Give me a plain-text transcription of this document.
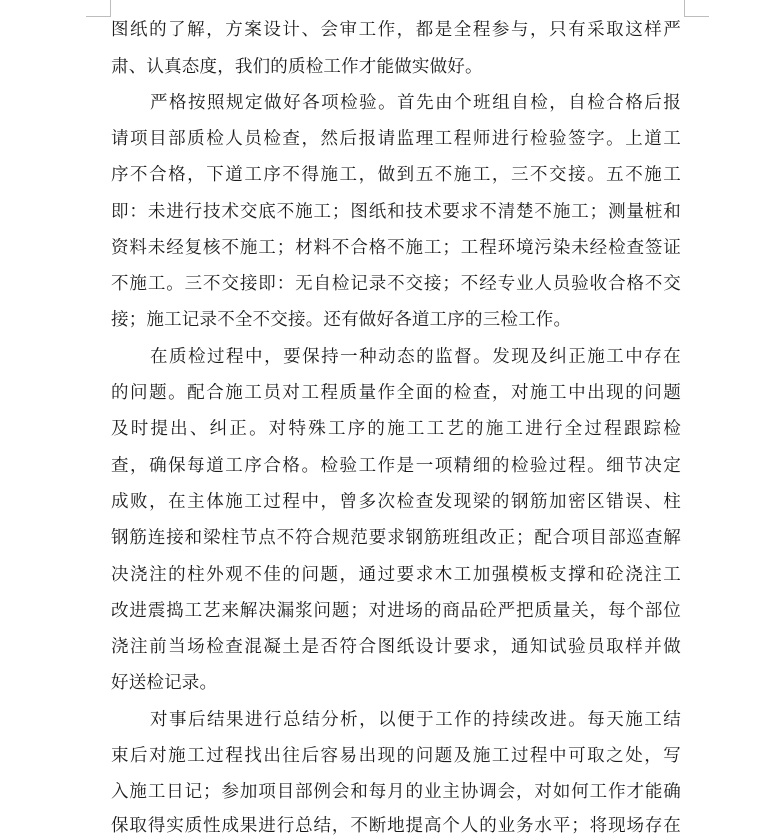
图纸的了解，方案设计、会审工作，都是全程参与，只有采取这样严
肃、认真态度，我们的质检工作才能做实做好。
严格按照规定做好各项检验。首先由个班组自检，自检合格后报
请项目部质检人员检查，然后报请监理工程师进行检验签字。上道工
序不合格，下道工序不得施工，做到五不施工，三不交接。五不施工
即：未进行技术交底不施工；图纸和技术要求不清楚不施工；测量桩和
资料未经复核不施工；材料不合格不施工；工程环境污染未经检查签证
不施工。三不交接即：无自检记录不交接；不经专业人员验收合格不交
接；施工记录不全不交接。还有做好各道工序的三检工作。
在质检过程中，要保持一种动态的监督。发现及纠正施工中存在
的问题。配合施工员对工程质量作全面的检查，对施工中出现的问题
及时提出、纠正。对特殊工序的施工工艺的施工进行全过程跟踪检
查，确保每道工序合格。检验工作是一项精细的检验过程。细节决定
成败，在主体施工过程中，曾多次检查发现梁的钢筋加密区错误、柱
钢筋连接和梁柱节点不符合规范要求钢筋班组改正；配合项目部巡查解
决浇注的柱外观不佳的问题，通过要求木工加强模板支撑和砼浇注工
改进震捣工艺来解决漏浆问题；对进场的商品砼严把质量关，每个部位
浇注前当场检查混凝土是否符合图纸设计要求，通知试验员取样并做
好送检记录。
对事后结果进行总结分析，以便于工作的持续改进。每天施工结
束后对施工过程找出往后容易出现的问题及施工过程中可取之处，写
入施工日记；参加项目部例会和每月的业主协调会，对如何工作才能确
保取得实质性成果进行总结，不断地提高个人的业务水平；将现场存在
